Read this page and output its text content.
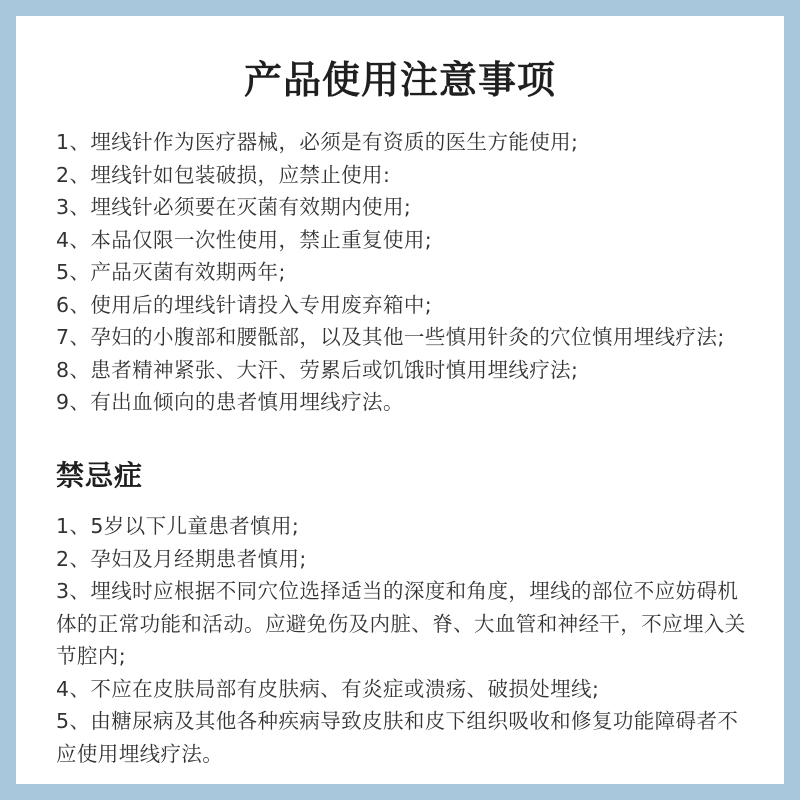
产品使用注意事项
1、埋线针作为医疗器械，必须是有资质的医生方能使用;
2、埋线针如包装破损，应禁止使用:
3、埋线针必须要在灭菌有效期内使用;
4、本品仅限一次性使用，禁止重复使用;
5、产品灭菌有效期两年;
6、使用后的埋线针请投入专用废弃箱中;
7、孕妇的小腹部和腰骶部，以及其他一些慎用针灸的穴位慎用埋线疗法;
8、患者精神紧张、大汗、劳累后或饥饿时慎用埋线疗法;
9、有出血倾向的患者慎用埋线疗法。
禁忌症
1、5岁以下儿童患者慎用;
2、孕妇及月经期患者慎用;
3、埋线时应根据不同穴位选择适当的深度和角度，埋线的部位不应妨碍机体的正常功能和活动。应避免伤及内脏、脊、大血管和神经干，不应埋入关节腔内;
4、不应在皮肤局部有皮肤病、有炎症或溃疡、破损处埋线;
5、由糖尿病及其他各种疾病导致皮肤和皮下组织吸收和修复功能障碍者不应使用埋线疗法。
